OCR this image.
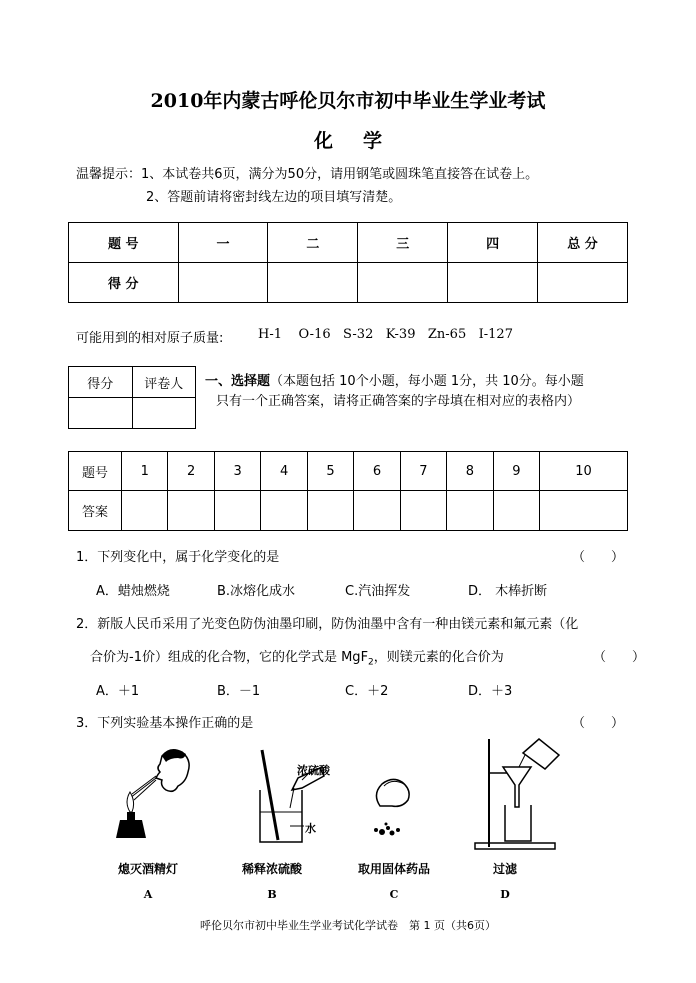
2010年内蒙古呼伦贝尔市初中毕业生学业考试
化学
温馨提示：1、本试卷共6页，满分为50分，请用钢笔或圆珠笔直接答在试卷上。
2、答题前请将密封线左边的项目填写清楚。
题 号	一	二	三	四	总 分
得 分					
可能用到的相对原子质量:	H-1 O-16 S-32 K-39 Zn-65 I-127
得分	评卷人
	一、选择题（本题包括 10个小题，每小题 1分，共 10分。每小题
只有一个正确答案，请将正确答案的字母填在相对应的表格内）
题号	1	2	3	4	5	6	7	8	9	10
答案										
1．下列变化中，属于化学变化的是	（　　）
A．蜡烛燃烧	B.冰熔化成水	C.汽油挥发	D． 木棒折断
2．新版人民币采用了光变色防伪油墨印刷，防伪油墨中含有一种由镁元素和氟元素（化
合价为-1价）组成的化合物，它的化学式是 MgF$_2$，则镁元素的化合价为	（　　）
A．＋1	B．－1	C．＋2	D．＋3
3．下列实验基本操作正确的是	（　　）
熄灭酒精灯
A
浓硫酸
水
稀释浓硫酸
B
取用固体药品
C
过滤
D
呼伦贝尔市初中毕业生学业考试化学试卷　第 1 页（共6页）
